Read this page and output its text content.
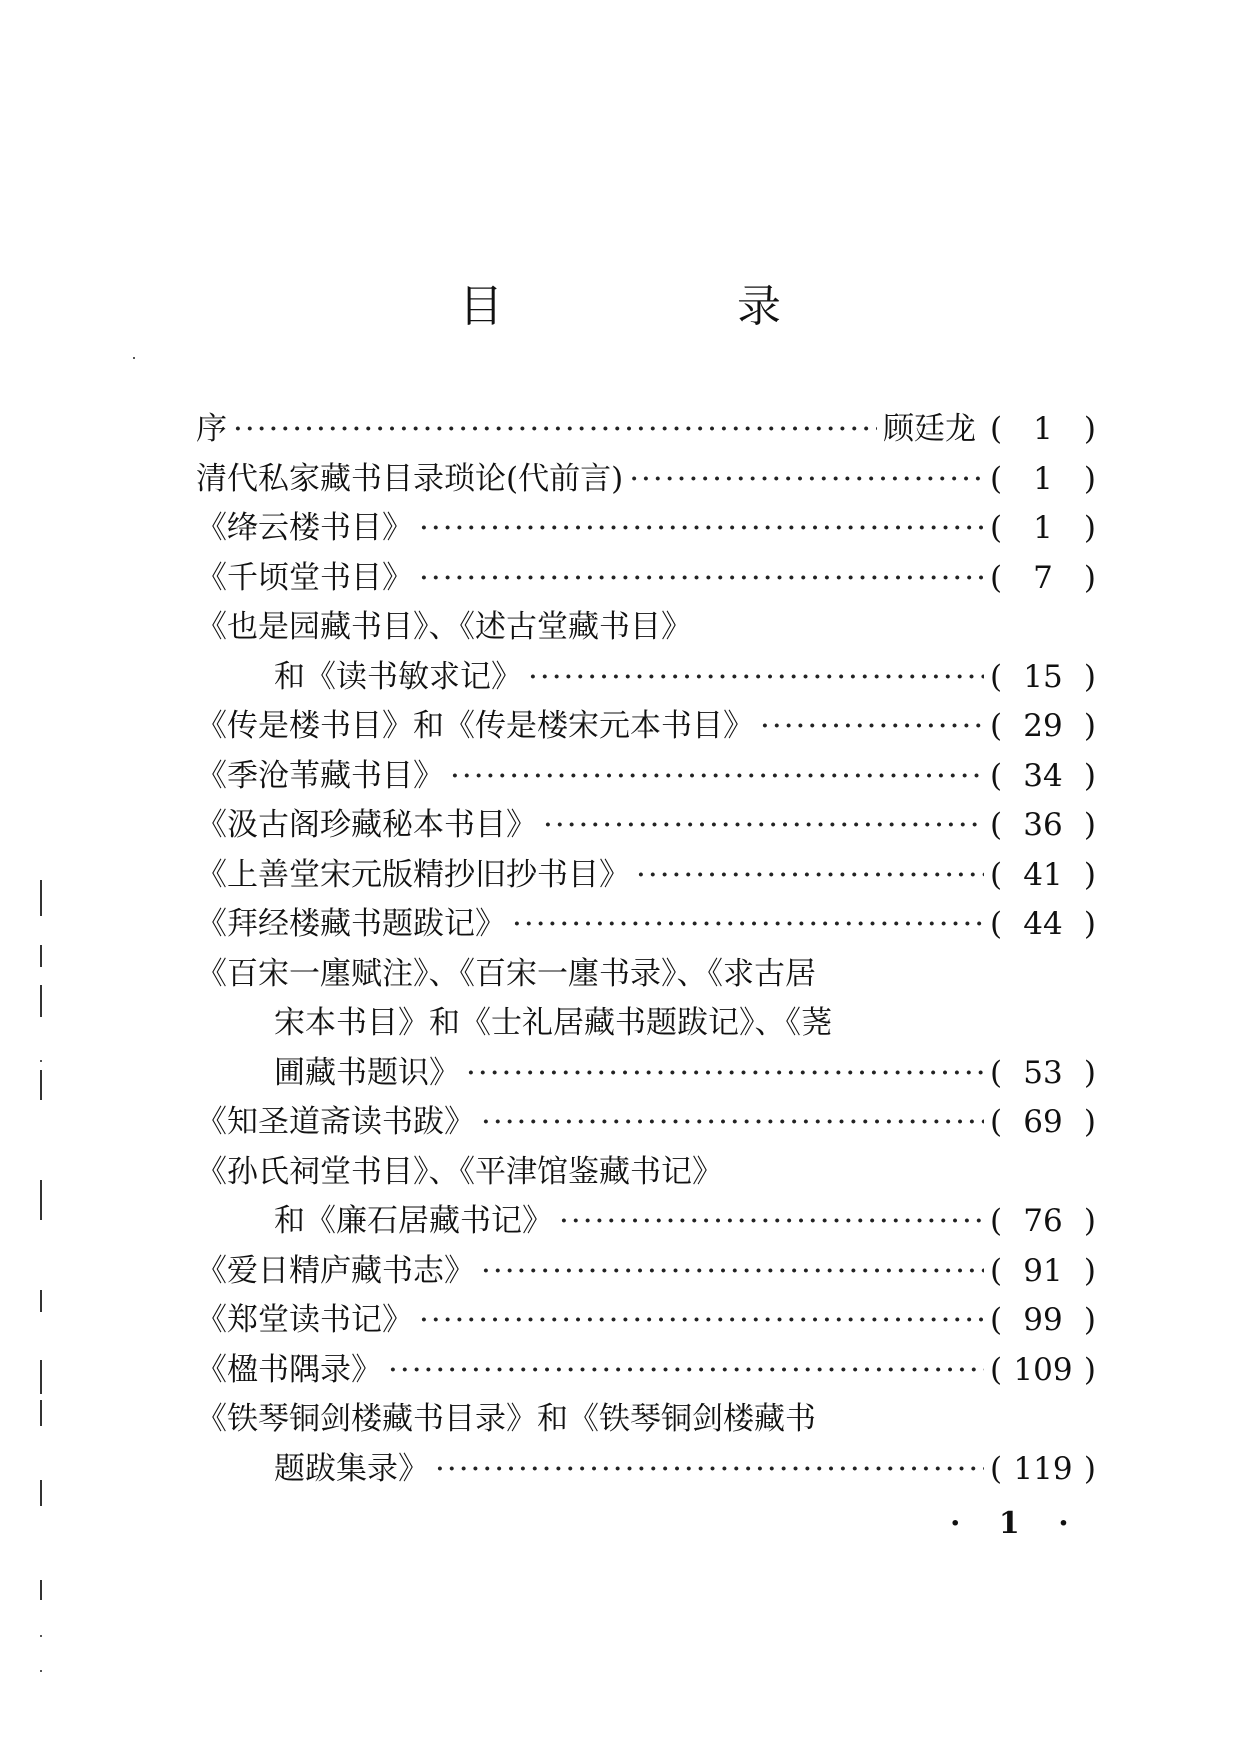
目 录
序 ·····	顾廷龙 (	1	)
清代私家藏书目录琐论(代前言) ·····	(	1	)
《绛云楼书目》 ·····	(	1	)
《千顷堂书目》 ·····	(	7	)
《也是园藏书目》、《述古堂藏书目》
和《读书敏求记》 ·····	( 15 )
《传是楼书目》和《传是楼宋元本书目》 ·····	( 29 )
《季沧苇藏书目》 ·····	( 34 )
《汲古阁珍藏秘本书目》 ·····	( 36 )
《上善堂宋元版精抄旧抄书目》 ·····	( 41 )
《拜经楼藏书题跋记》 ·····	( 44 )
《百宋一廛赋注》、《百宋一廛书录》、《求古居
宋本书目》和《士礼居藏书题跋记》、《荛
圃藏书题识》 ·····	( 53 )
《知圣道斋读书跋》 ·····	( 69 )
《孙氏祠堂书目》、《平津馆鉴藏书记》
和《廉石居藏书记》 ·····	( 76 )
《爱日精庐藏书志》 ·····	( 91 )
《郑堂读书记》 ·····	( 99 )
《楹书隅录》 ·····	( 109 )
《铁琴铜剑楼藏书目录》和《铁琴铜剑楼藏书
题跋集录》 ·····	( 119 )
· 1 ·
